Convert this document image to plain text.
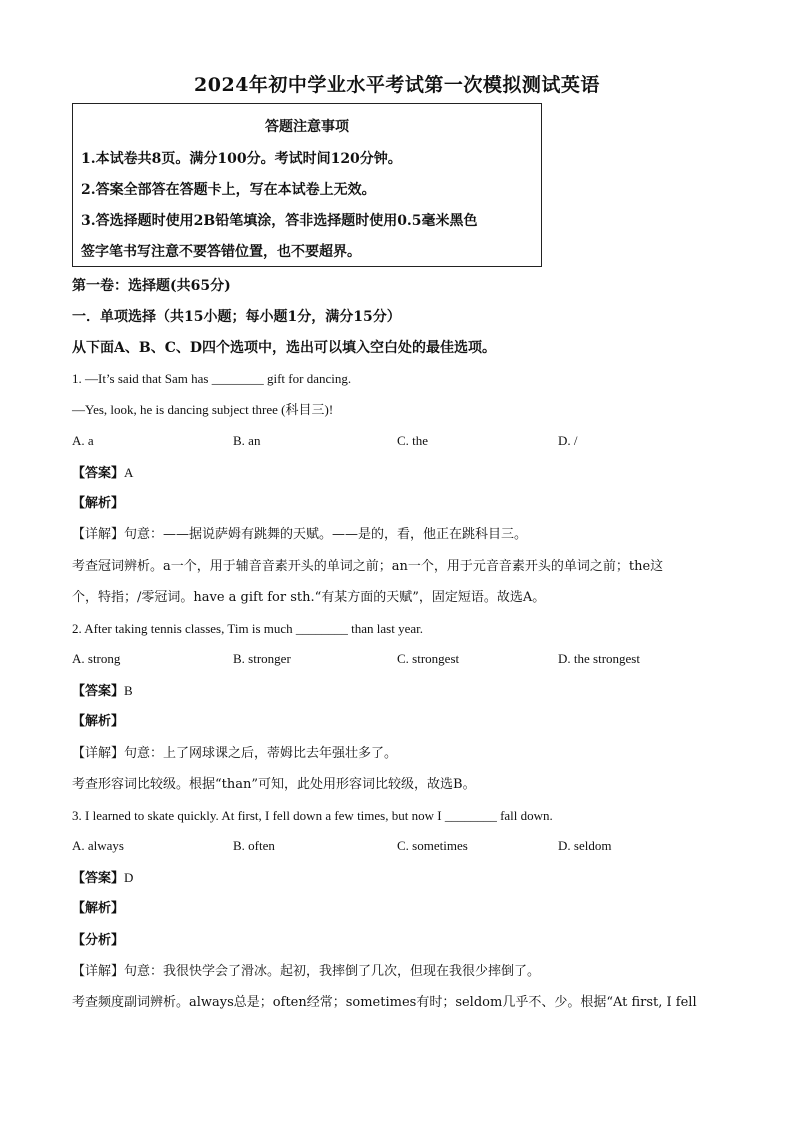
2024年初中学业水平考试第一次模拟测试英语
答题注意事项
1.本试卷共8页。满分100分。考试时间120分钟。
2.答案全部答在答题卡上，写在本试卷上无效。
3.答选择题时使用2B铅笔填涂，答非选择题时使用0.5毫米黑色
签字笔书写注意不要答错位置，也不要超界。
第一卷：选择题(共65分)
一．单项选择（共15小题；每小题1分，满分15分）
从下面A、B、C、D四个选项中，选出可以填入空白处的最佳选项。
1. —It’s said that Sam has ________ gift for dancing.
—Yes, look, he is dancing subject three (科目三)!
A. a	B. an	C. the	D. /
【答案】A
【解析】
【详解】句意：——据说萨姆有跳舞的天赋。——是的，看，他正在跳科目三。
考查冠词辨析。a一个，用于辅音音素开头的单词之前；an一个，用于元音音素开头的单词之前；the这
个，特指；/零冠词。have a gift for sth.“有某方面的天赋”，固定短语。故选A。
2. After taking tennis classes, Tim is much ________ than last year.
A. strong	B. stronger	C. strongest	D. the strongest
【答案】B
【解析】
【详解】句意：上了网球课之后，蒂姆比去年强壮多了。
考查形容词比较级。根据“than”可知，此处用形容词比较级，故选B。
3. I learned to skate quickly. At first, I fell down a few times, but now I ________ fall down.
A. always	B. often	C. sometimes	D. seldom
【答案】D
【解析】
【分析】
【详解】句意：我很快学会了滑冰。起初，我摔倒了几次，但现在我很少摔倒了。
考查频度副词辨析。always总是；often经常；sometimes有时；seldom几乎不、少。根据“At first, I fell
